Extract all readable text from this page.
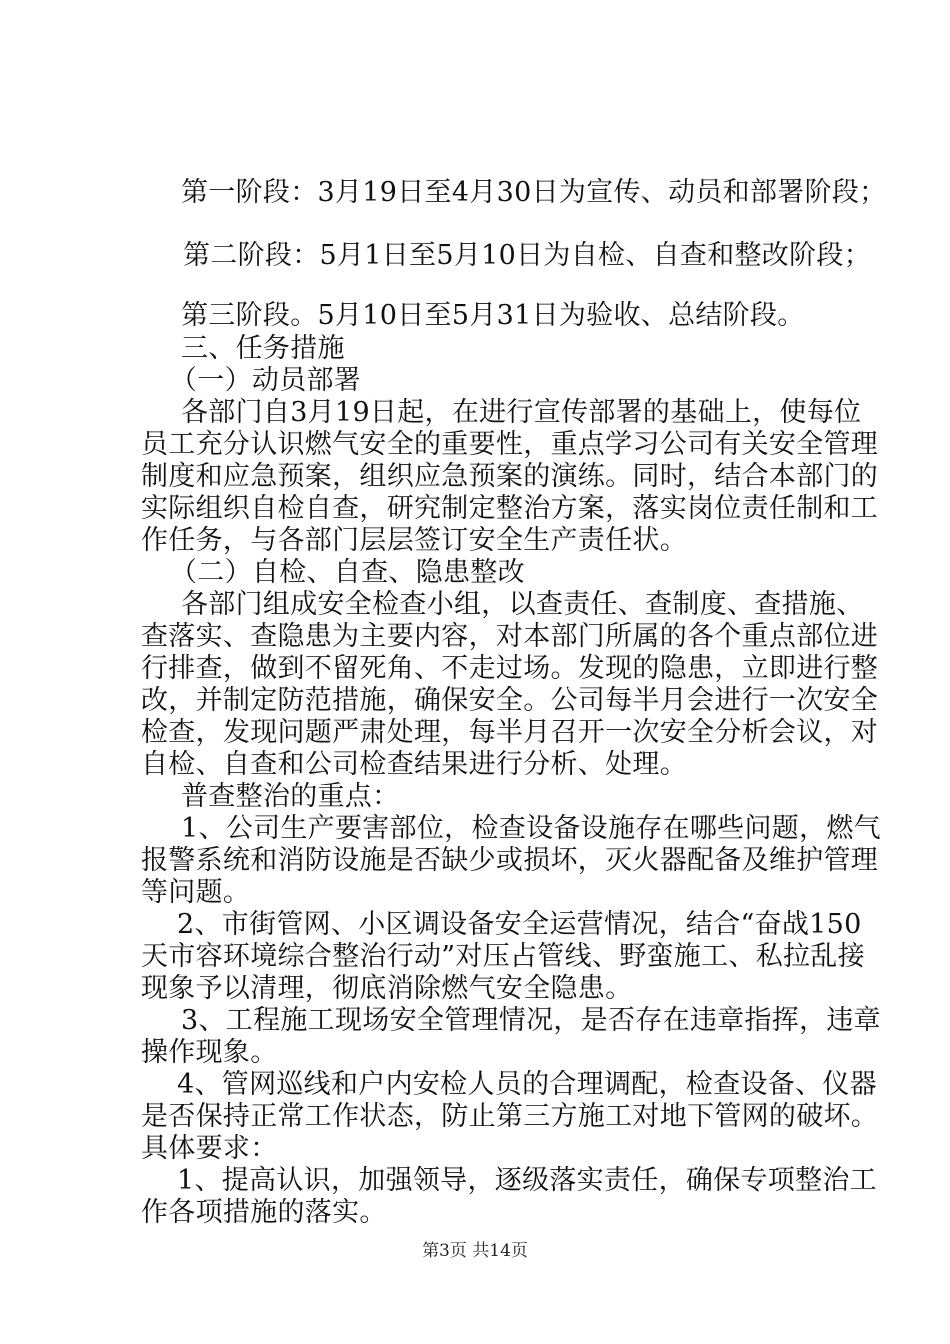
第一阶段：3月19日至4月30日为宣传、动员和部署阶段；
第二阶段：5月1日至5月10日为自检、自查和整改阶段；
第三阶段。5月10日至5月31日为验收、总结阶段。
三、任务措施
（一）动员部署
各部门自3月19日起，在进行宣传部署的基础上，使每位
员工充分认识燃气安全的重要性，重点学习公司有关安全管理
制度和应急预案，组织应急预案的演练。同时，结合本部门的
实际组织自检自查，研究制定整治方案，落实岗位责任制和工
作任务，与各部门层层签订安全生产责任状。
（二）自检、自查、隐患整改
各部门组成安全检查小组，以查责任、查制度、查措施、
查落实、查隐患为主要内容，对本部门所属的各个重点部位进
行排查，做到不留死角、不走过场。发现的隐患，立即进行整
改，并制定防范措施，确保安全。公司每半月会进行一次安全
检查，发现问题严肃处理，每半月召开一次安全分析会议，对
自检、自查和公司检查结果进行分析、处理。
普查整治的重点：
1、公司生产要害部位，检查设备设施存在哪些问题，燃气
报警系统和消防设施是否缺少或损坏，灭火器配备及维护管理
等问题。
2、市街管网、小区调设备安全运营情况，结合“奋战150
天市容环境综合整治行动”对压占管线、野蛮施工、私拉乱接
现象予以清理，彻底消除燃气安全隐患。
3、工程施工现场安全管理情况，是否存在违章指挥，违章
操作现象。
4、管网巡线和户内安检人员的合理调配，检查设备、仪器
是否保持正常工作状态，防止第三方施工对地下管网的破坏。
具体要求：
1、提高认识，加强领导，逐级落实责任，确保专项整治工
作各项措施的落实。
第3页 共14页
